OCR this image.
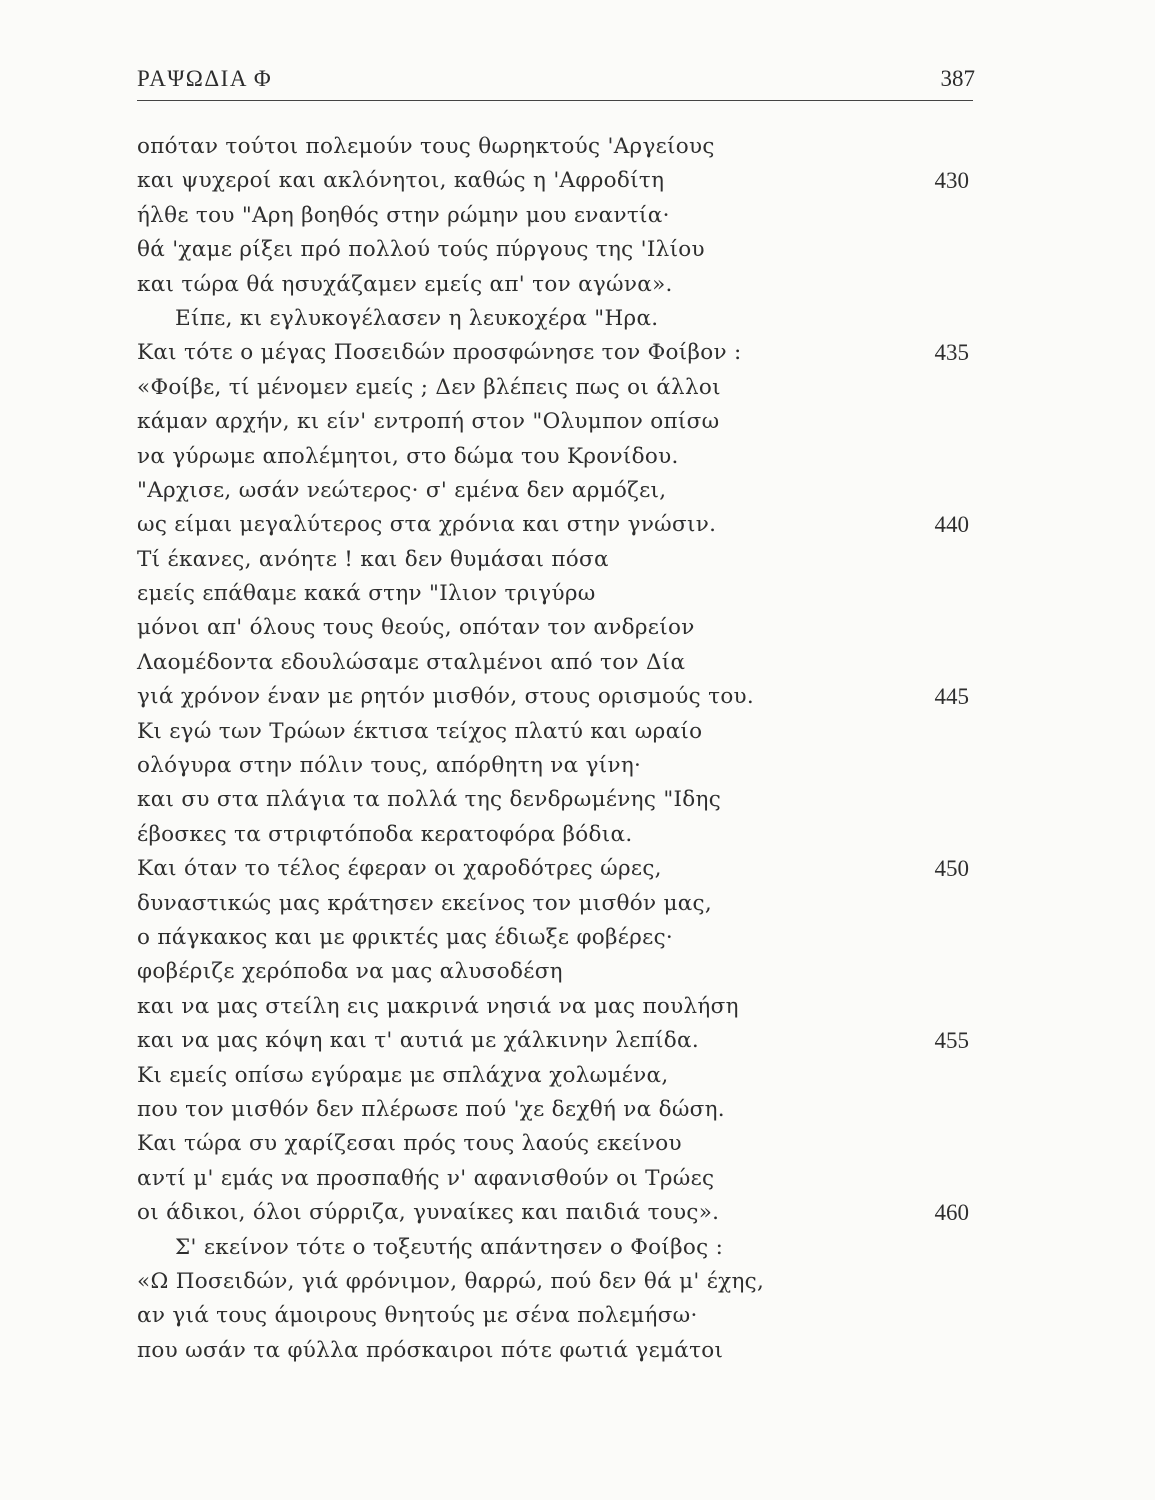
ΡΑΨΩΔΙΑ Φ	387
οπόταν τούτοι πολεμούν τους θωρηκτούς 'Αργείους
και ψυχεροί και ακλόνητοι, καθώς η 'Αφροδίτη	430
ήλθε του "Αρη βοηθός στην ρώμην μου εναντία·
θά 'χαμε ρίξει πρό πολλού τούς πύργους της 'Ιλίου
και τώρα θά ησυχάζαμεν εμείς απ' τον αγώνα».
Είπε, κι εγλυκογέλασεν η λευκοχέρα "Ηρα.
Και τότε ο μέγας Ποσειδών προσφώνησε τον Φοίβον :	435
«Φοίβε, τί μένομεν εμείς ; Δεν βλέπεις πως οι άλλοι
κάμαν αρχήν, κι είν' εντροπή στον "Ολυμπον οπίσω
να γύρωμε απολέμητοι, στο δώμα του Κρονίδου.
"Αρχισε, ωσάν νεώτερος· σ' εμένα δεν αρμόζει,
ως είμαι μεγαλύτερος στα χρόνια και στην γνώσιν.	440
Τί έκανες, ανόητε ! και δεν θυμάσαι πόσα
εμείς επάθαμε κακά στην "Ιλιον τριγύρω
μόνοι απ' όλους τους θεούς, οπόταν τον ανδρείον
Λαομέδοντα εδουλώσαμε σταλμένοι από τον Δία
γιά χρόνον έναν με ρητόν μισθόν, στους ορισμούς του.	445
Κι εγώ των Τρώων έκτισα τείχος πλατύ και ωραίο
ολόγυρα στην πόλιν τους, απόρθητη να γίνη·
και συ στα πλάγια τα πολλά της δενδρωμένης "Ιδης
έβοσκες τα στριφτόποδα κερατοφόρα βόδια.
Και όταν το τέλος έφεραν οι χαροδότρες ώρες,	450
δυναστικώς μας κράτησεν εκείνος τον μισθόν μας,
ο πάγκακος και με φρικτές μας έδιωξε φοβέρες·
φοβέριζε χερόποδα να μας αλυσοδέση
και να μας στείλη εις μακρινά νησιά να μας πουλήση
και να μας κόψη και τ' αυτιά με χάλκινην λεπίδα.	455
Κι εμείς οπίσω εγύραμε με σπλάχνα χολωμένα,
που τον μισθόν δεν πλέρωσε πού 'χε δεχθή να δώση.
Και τώρα συ χαρίζεσαι πρός τους λαούς εκείνου
αντί μ' εμάς να προσπαθής ν' αφανισθούν οι Τρώες
οι άδικοι, όλοι σύρριζα, γυναίκες και παιδιά τους».	460
Σ' εκείνον τότε ο τοξευτής απάντησεν ο Φοίβος :
«Ω Ποσειδών, γιά φρόνιμον, θαρρώ, πού δεν θά μ' έχης,
αν γιά τους άμοιρους θνητούς με σένα πολεμήσω·
που ωσάν τα φύλλα πρόσκαιροι πότε φωτιά γεμάτοι
